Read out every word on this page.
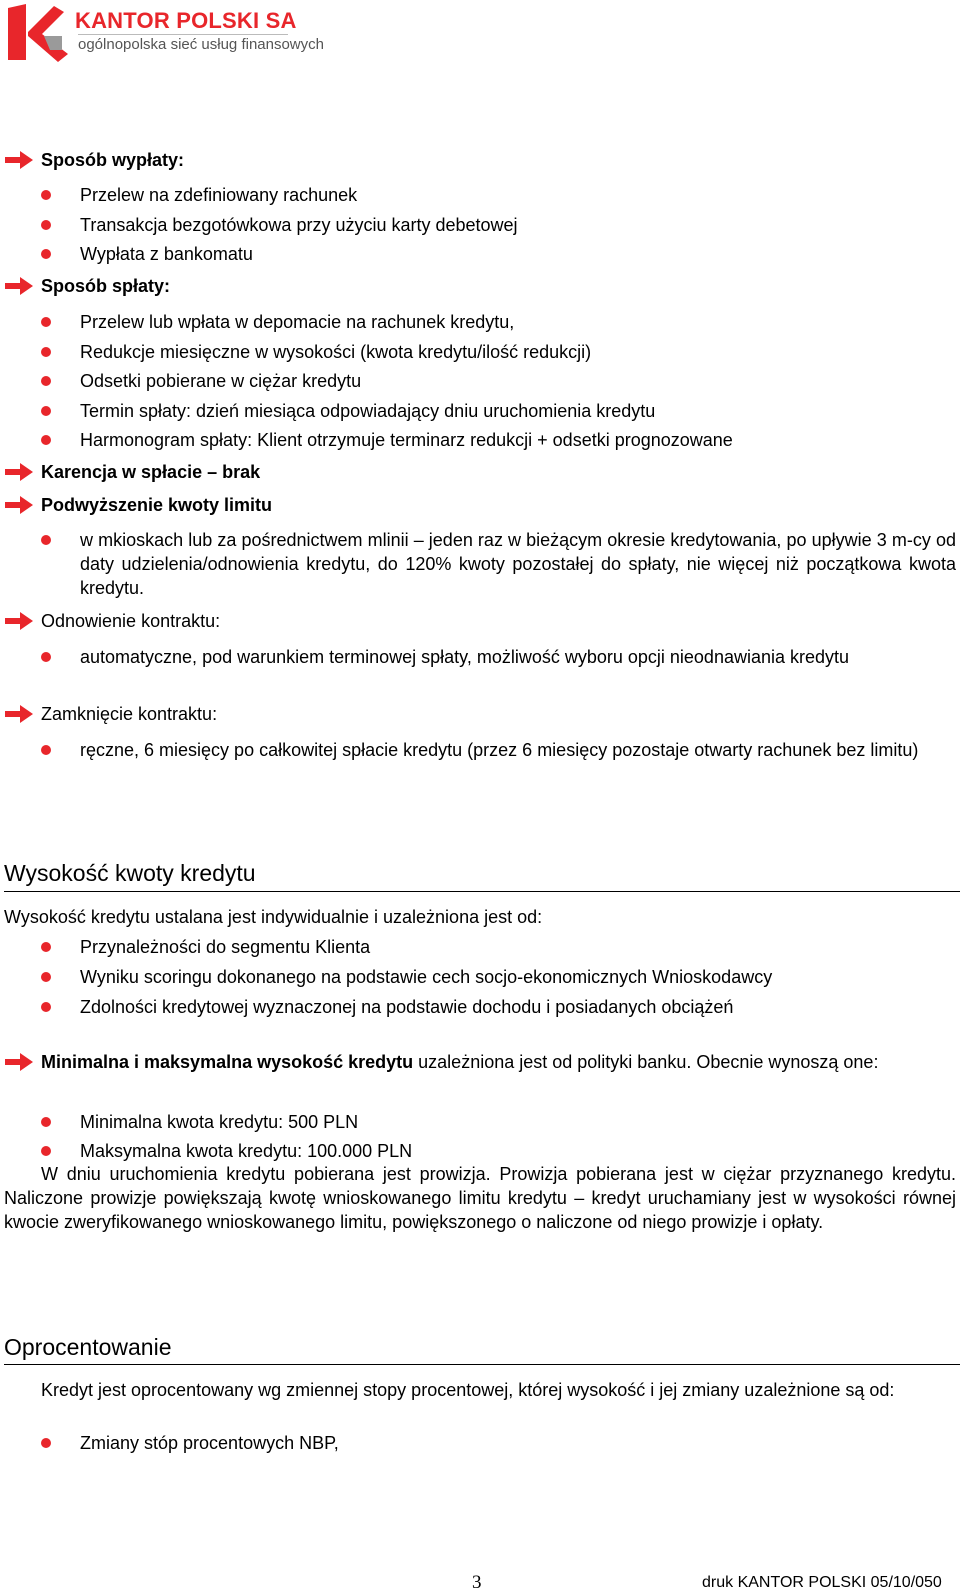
KANTOR POLSKI SA
ogólnopolska sieć usług finansowych
Sposób wypłaty:
Przelew na zdefiniowany rachunek
Transakcja bezgotówkowa przy użyciu karty debetowej
Wypłata z bankomatu
Sposób spłaty:
Przelew lub wpłata w depomacie na rachunek kredytu,
Redukcje miesięczne w wysokości (kwota kredytu/ilość redukcji)
Odsetki pobierane w ciężar kredytu
Termin spłaty: dzień miesiąca odpowiadający dniu uruchomienia kredytu
Harmonogram spłaty: Klient otrzymuje terminarz redukcji + odsetki prognozowane
Karencja w spłacie – brak
Podwyższenie kwoty limitu
w mkioskach lub za pośrednictwem mlinii – jeden raz w bieżącym okresie kredytowania, po upływie 3 m-cy od daty udzielenia/odnowienia kredytu, do 120% kwoty pozostałej do spłaty, nie więcej niż początkowa kwota kredytu.
Odnowienie kontraktu:
automatyczne, pod warunkiem terminowej spłaty, możliwość wyboru opcji nieodnawiania kredytu
Zamknięcie kontraktu:
ręczne, 6 miesięcy po całkowitej spłacie kredytu (przez 6 miesięcy pozostaje otwarty rachunek bez limitu)
Wysokość kwoty kredytu
Wysokość kredytu ustalana jest indywidualnie i uzależniona jest od:
Przynależności do segmentu Klienta
Wyniku scoringu dokonanego na podstawie cech socjo-ekonomicznych Wnioskodawcy
Zdolności kredytowej wyznaczonej na podstawie dochodu i posiadanych obciążeń
Minimalna i maksymalna wysokość kredytu uzależniona jest od polityki banku. Obecnie wynoszą one:
Minimalna kwota kredytu: 500 PLN
Maksymalna kwota kredytu: 100.000 PLN
W dniu uruchomienia kredytu pobierana jest prowizja. Prowizja pobierana jest w ciężar przyznanego kredytu. Naliczone prowizje powiększają kwotę wnioskowanego limitu kredytu – kredyt uruchamiany jest w wysokości równej kwocie zweryfikowanego wnioskowanego limitu, powiększonego o naliczone od niego prowizje i opłaty.
Oprocentowanie
Kredyt jest oprocentowany wg zmiennej stopy procentowej, której wysokość i jej zmiany uzależnione są od:
Zmiany stóp procentowych NBP,
3	druk KANTOR POLSKI 05/10/050
